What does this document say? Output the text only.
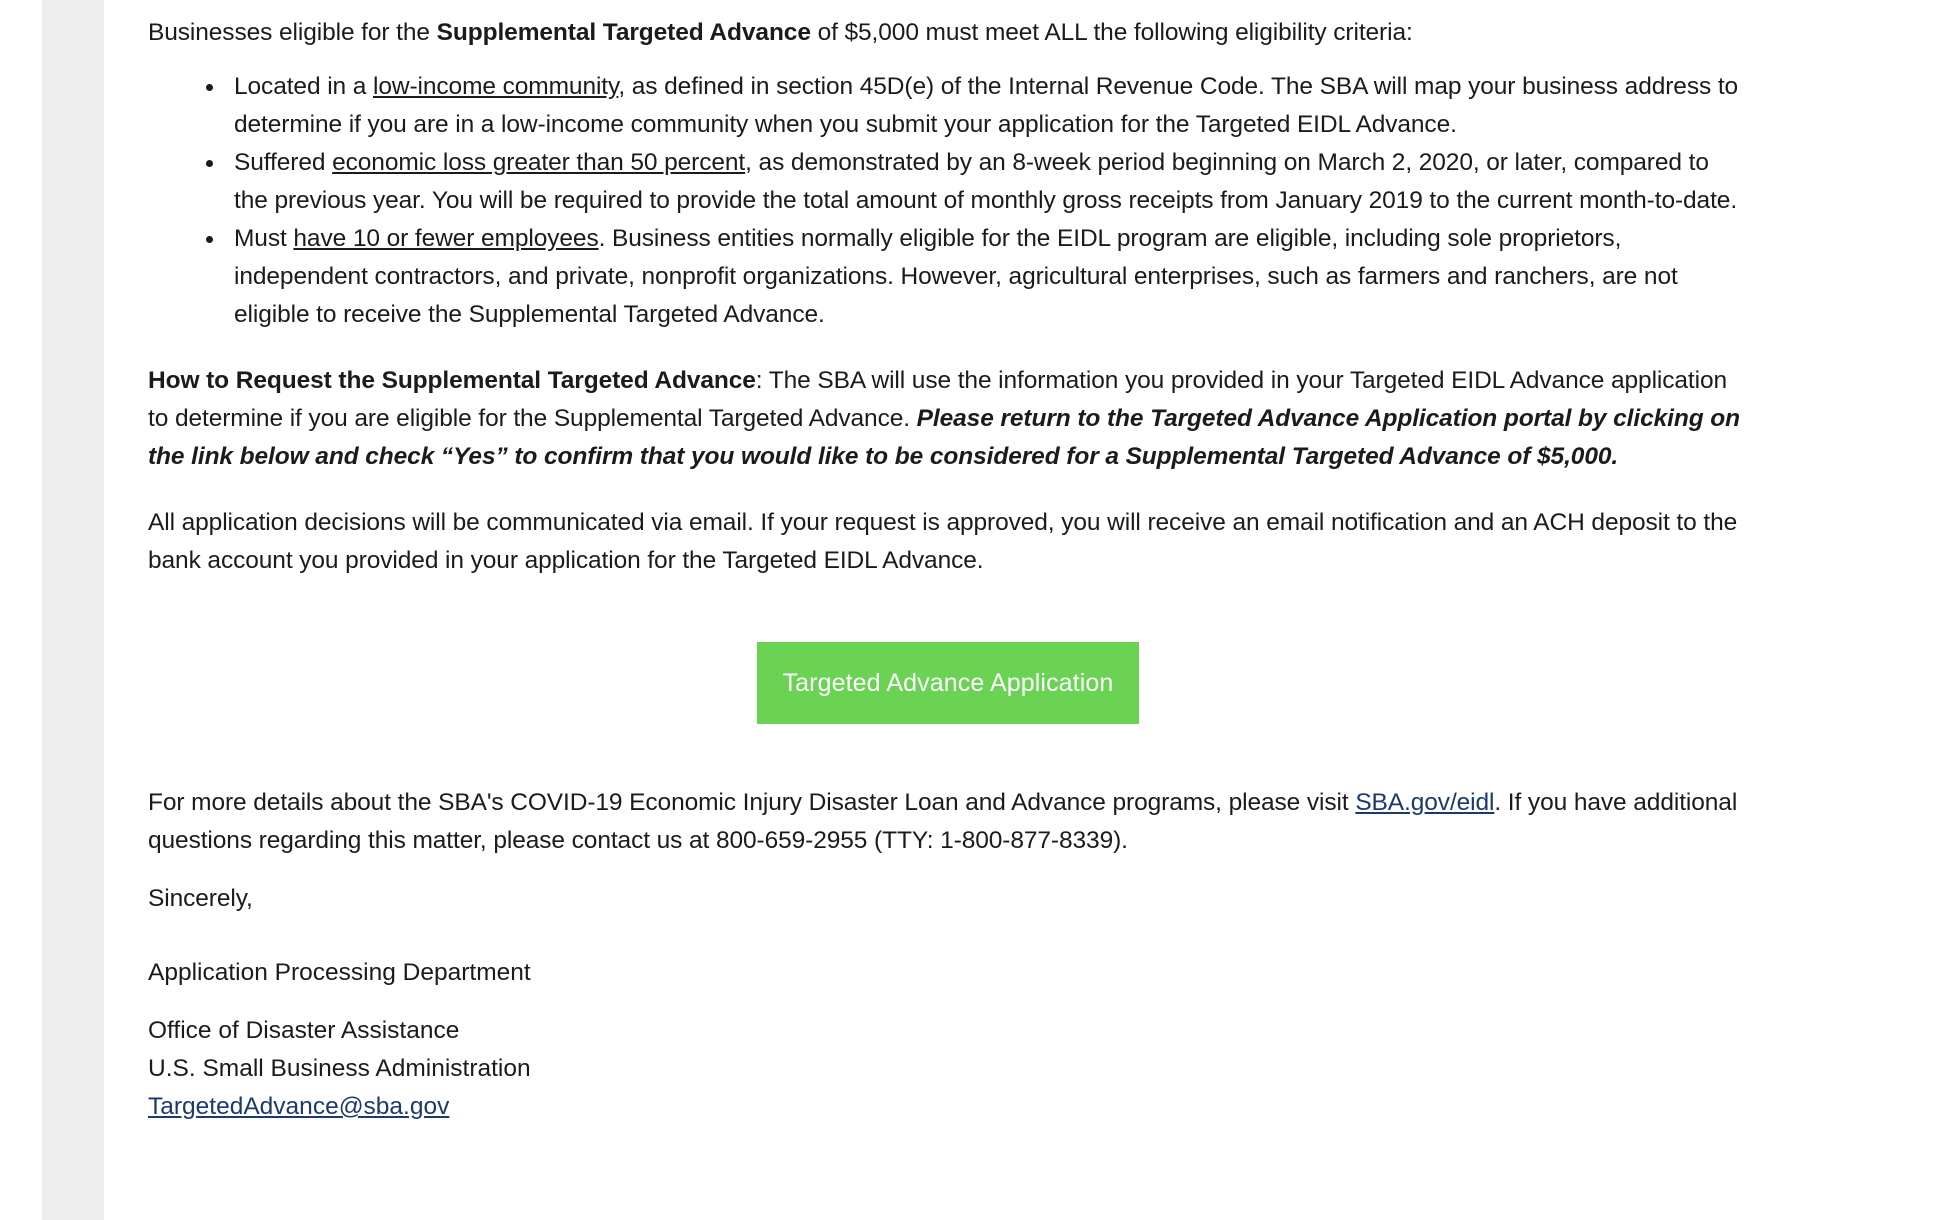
Businesses eligible for the Supplemental Targeted Advance of $5,000 must meet ALL the following eligibility criteria:

• Located in a low-income community, as defined in section 45D(e) of the Internal Revenue Code. The SBA will map your business address to determine if you are in a low-income community when you submit your application for the Targeted EIDL Advance.
• Suffered economic loss greater than 50 percent, as demonstrated by an 8-week period beginning on March 2, 2020, or later, compared to the previous year. You will be required to provide the total amount of monthly gross receipts from January 2019 to the current month-to-date.
• Must have 10 or fewer employees. Business entities normally eligible for the EIDL program are eligible, including sole proprietors, independent contractors, and private, nonprofit organizations. However, agricultural enterprises, such as farmers and ranchers, are not eligible to receive the Supplemental Targeted Advance.

How to Request the Supplemental Targeted Advance: The SBA will use the information you provided in your Targeted EIDL Advance application to determine if you are eligible for the Supplemental Targeted Advance. Please return to the Targeted Advance Application portal by clicking on the link below and check “Yes” to confirm that you would like to be considered for a Supplemental Targeted Advance of $5,000.

All application decisions will be communicated via email. If your request is approved, you will receive an email notification and an ACH deposit to the bank account you provided in your application for the Targeted EIDL Advance.

Targeted Advance Application

For more details about the SBA's COVID-19 Economic Injury Disaster Loan and Advance programs, please visit SBA.gov/eidl. If you have additional questions regarding this matter, please contact us at 800-659-2955 (TTY: 1-800-877-8339).

Sincerely,

Application Processing Department
Office of Disaster Assistance
U.S. Small Business Administration
TargetedAdvance@sba.gov
